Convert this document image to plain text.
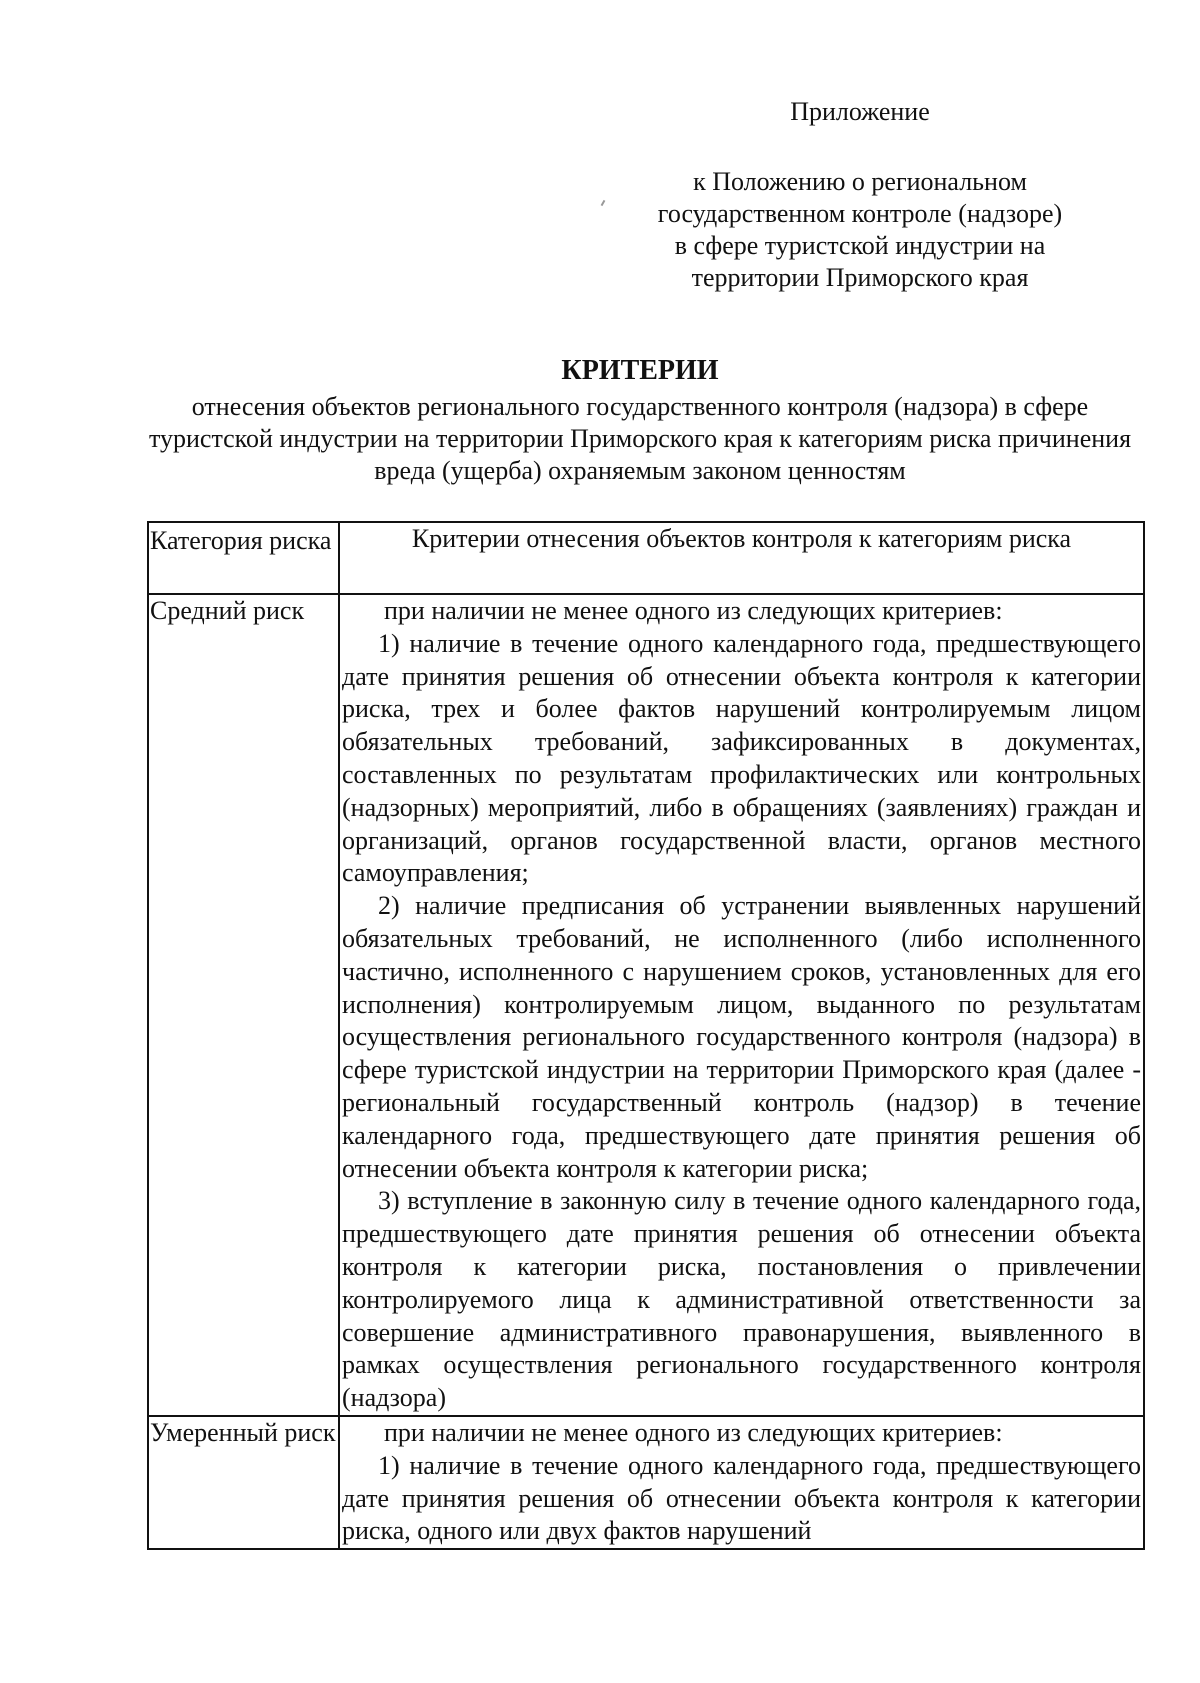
Приложение
к Положению о региональном
государственном контроле (надзоре)
в сфере туристской индустрии на
территории Приморского края
КРИТЕРИИ
отнесения объектов регионального государственного контроля (надзора) в сфере туристской индустрии на территории Приморского края к категориям риска причинения вреда (ущерба) охраняемым законом ценностям
Категория риска	Критерии отнесения объектов контроля к категориям риска
Средний риск	при наличии не менее одного из следующих критериев:
1) наличие в течение одного календарного года, предшествующего дате принятия решения об отнесении объекта контроля к категории риска, трех и более фактов нарушений контролируемым лицом обязательных требований, зафиксированных в документах, составленных по результатам профилактических или контрольных (надзорных) мероприятий, либо в обращениях (заявлениях) граждан и организаций, органов государственной власти, органов местного самоуправления;
2) наличие предписания об устранении выявленных нарушений обязательных требований, не исполненного (либо исполненного частично, исполненного с нарушением сроков, установленных для его исполнения) контролируемым лицом, выданного по результатам осуществления регионального государственного контроля (надзора) в сфере туристской индустрии на территории Приморского края (далее - региональный государственный контроль (надзор) в течение календарного года, предшествующего дате принятия решения об отнесении объекта контроля к категории риска;
3) вступление в законную силу в течение одного календарного года, предшествующего дате принятия решения об отнесении объекта контроля к категории риска, постановления о привлечении контролируемого лица к административной ответственности за совершение административного правонарушения, выявленного в рамках осуществления регионального государственного контроля (надзора)

Умеренный риск	при наличии не менее одного из следующих критериев:
1) наличие в течение одного календарного года, предшествующего дате принятия решения об отнесении объекта контроля к категории риска, одного или двух фактов нарушений
